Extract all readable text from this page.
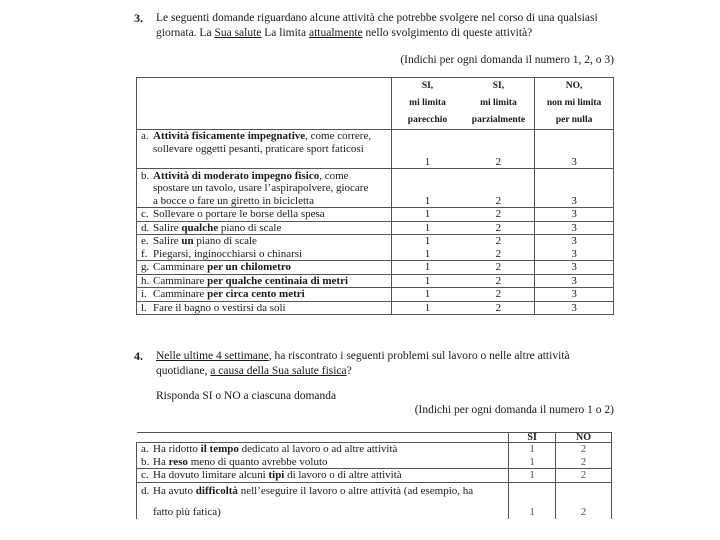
3. Le seguenti domande riguardano alcune attività che potrebbe svolgere nel corso di una qualsiasi
giornata. La Sua salute La limita attualmente nello svolgimento di queste attività?
(Indichi per ogni domanda il numero 1, 2, o 3)
	SI,
mi limita
parecchio	SI,
mi limita
parzialmente	NO,
non mi limita
per nulla
a. Attività fisicamente impegnative, come correre,
sollevare oggetti pesanti, praticare sport faticosi	1	2	3
b. Attività di moderato impegno fisico, come
spostare un tavolo, usare l’aspirapolvere, giocare
a bocce o fare un giretto in bicicletta	1	2	3
c. Sollevare o portare le borse della spesa	1	2	3
d. Salire qualche piano di scale	1	2	3
e. Salire un piano di scale	1	2	3
f. Piegarsi, inginocchiarsi o chinarsi	1	2	3
g. Camminare per un chilometro	1	2	3
h. Camminare per qualche centinaia di metri	1	2	3
i. Camminare per circa cento metri	1	2	3
l. Fare il bagno o vestirsi da soli	1	2	3
4. Nelle ultime 4 settimane, ha riscontrato i seguenti problemi sul lavoro o nelle altre attività
quotidiane, a causa della Sua salute fisica?
Risponda SI o NO a ciascuna domanda
(Indichi per ogni domanda il numero 1 o 2)
	SI	NO
a. Ha ridotto il tempo dedicato al lavoro o ad altre attività	1	2
b. Ha reso meno di quanto avrebbe voluto	1	2
c. Ha dovuto limitare alcuni tipi di lavoro o di altre attività	1	2
d. Ha avuto difficoltà nell’eseguire il lavoro o altre attività (ad esempio, ha
fatto più fatica)	1	2
